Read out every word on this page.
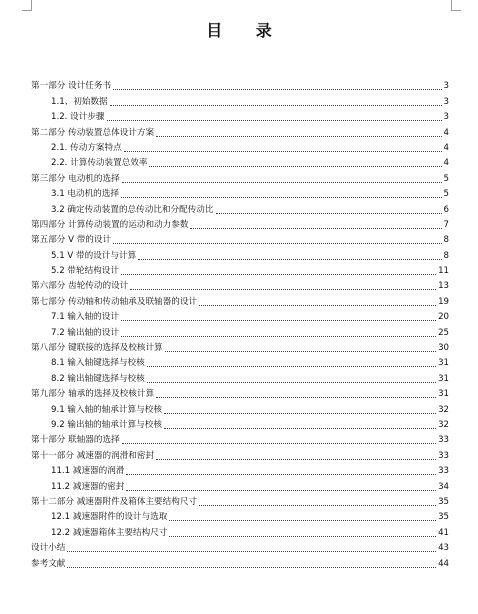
目 录
第一部分 设计任务书	3
1.1、初始数据	3
1.2. 设计步骤	3
第二部分 传动装置总体设计方案	4
2.1. 传动方案特点	4
2.2. 计算传动装置总效率	4
第三部分 电动机的选择	5
3.1 电动机的选择	5
3.2 确定传动装置的总传动比和分配传动比	6
第四部分 计算传动装置的运动和动力参数	7
第五部分 V 带的设计	8
5.1 V 带的设计与计算	8
5.2 带轮结构设计	11
第六部分 齿轮传动的设计	13
第七部分 传动轴和传动轴承及联轴器的设计	19
7.1 输入轴的设计	20
7.2 输出轴的设计	25
第八部分 键联接的选择及校核计算	30
8.1 输入轴键选择与校核	31
8.2 输出轴键选择与校核	31
第九部分 轴承的选择及校核计算	31
9.1 输入轴的轴承计算与校核	32
9.2 输出轴的轴承计算与校核	32
第十部分 联轴器的选择	33
第十一部分 减速器的润滑和密封	33
11.1 减速器的润滑	33
11.2 减速器的密封	34
第十二部分 减速器附件及箱体主要结构尺寸	35
12.1 减速器附件的设计与选取	35
12.2 减速器箱体主要结构尺寸	41
设计小结	43
参考文献	44
